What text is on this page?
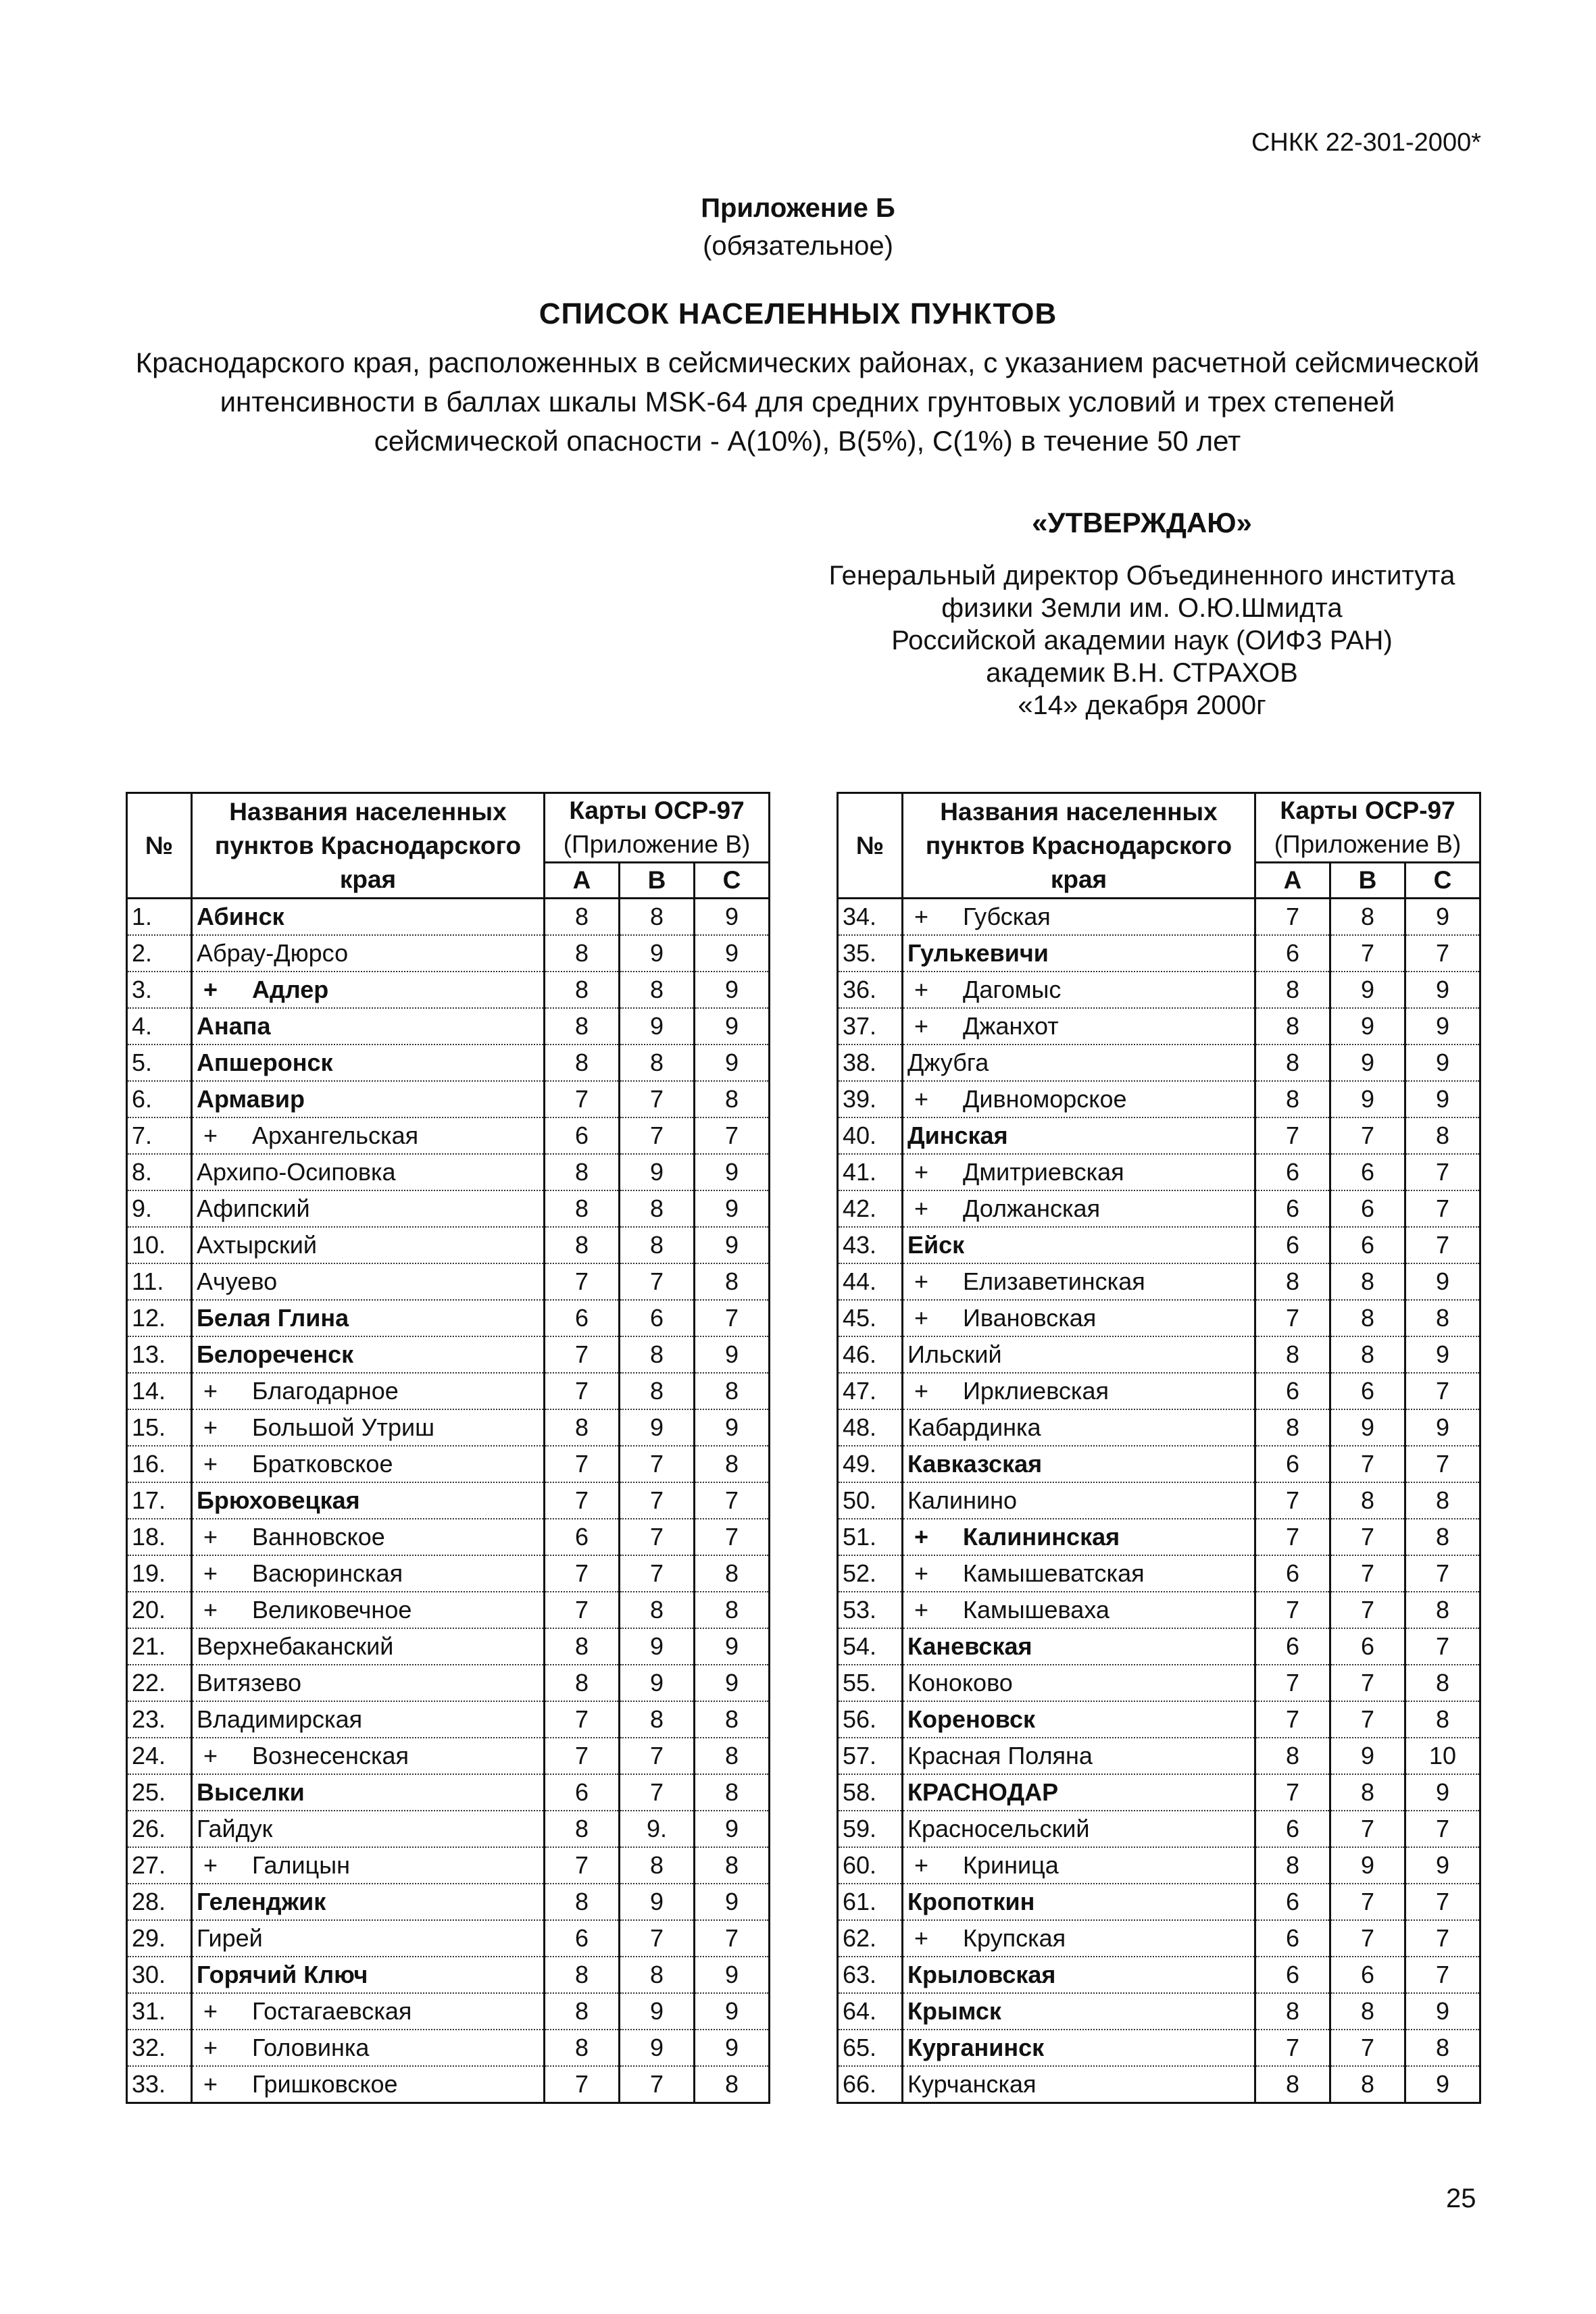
СНКК 22-301-2000*
Приложение Б
(обязательное)
СПИСОК НАСЕЛЕННЫХ ПУНКТОВ
Краснодарского края, расположенных в сейсмических районах, с указанием расчетной сейсмической интенсивности в баллах шкалы MSK-64 для средних грунтовых условий и трех степеней сейсмической опасности - А(10%), В(5%), С(1%) в течение 50 лет
«УТВЕРЖДАЮ»
Генеральный директор Объединенного института
физики Земли им. О.Ю.Шмидта
Российской академии наук (ОИФЗ РАН)
академик В.Н. СТРАХОВ
«14» декабря 2000г
№	Названия населенных пунктов Краснодарского края	Карты ОСР-97
(Приложение В)		
		А	В	С
1.	Абинск	8	8	9
2.	Абрау-Дюрсо	8	9	9
3.	+ Адлер	8	8	9
4.	Анапа	8	9	9
5.	Апшеронск	8	8	9
6.	Армавир	7	7	8
7.	+ Архангельская	6	7	7
8.	Архипо-Осиповка	8	9	9
9.	Афипский	8	8	9
10.	Ахтырский	8	8	9
11.	Ачуево	7	7	8
12.	Белая Глина	6	6	7
13.	Белореченск	7	8	9
14.	+ Благодарное	7	8	8
15.	+ Большой Утриш	8	9	9
16.	+ Братковское	7	7	8
17.	Брюховецкая	7	7	7
18.	+ Ванновское	6	7	7
19.	+ Васюринская	7	7	8
20.	+ Великовечное	7	8	8
21.	Верхнебаканский	8	9	9
22.	Витязево	8	9	9
23.	Владимирская	7	8	8
24.	+ Вознесенская	7	7	8
25.	Выселки	6	7	8
26.	Гайдук	8	9.	9
27.	+ Галицын	7	8	8
28.	Геленджик	8	9	9
29.	Гирей	6	7	7
30.	Горячий Ключ	8	8	9
31.	+ Гостагаевская	8	9	9
32.	+ Головинка	8	9	9
33.	+ Гришковское	7	7	8
№	Названия населенных пунктов Краснодарского края	Карты ОСР-97
(Приложение В)		
		А	В	С
34.	+ Губская	7	8	9
35.	Гулькевичи	6	7	7
36.	+ Дагомыс	8	9	9
37.	+ Джанхот	8	9	9
38.	Джубга	8	9	9
39.	+ Дивноморское	8	9	9
40.	Динская	7	7	8
41.	+ Дмитриевская	6	6	7
42.	+ Должанская	6	6	7
43.	Ейск	6	6	7
44.	+ Елизаветинская	8	8	9
45.	+ Ивановская	7	8	8
46.	Ильский	8	8	9
47.	+ Ирклиевская	6	6	7
48.	Кабардинка	8	9	9
49.	Кавказская	6	7	7
50.	Калинино	7	8	8
51.	+ Калининская	7	7	8
52.	+ Камышеватская	6	7	7
53.	+ Камышеваха	7	7	8
54.	Каневская	6	6	7
55.	Коноково	7	7	8
56.	Кореновск	7	7	8
57.	Красная Поляна	8	9	10
58.	КРАСНОДАР	7	8	9
59.	Красносельский	6	7	7
60.	+ Криница	8	9	9
61.	Кропоткин	6	7	7
62.	+ Крупская	6	7	7
63.	Крыловская	6	6	7
64.	Крымск	8	8	9
65.	Курганинск	7	7	8
66.	Курчанская	8	8	9
25
